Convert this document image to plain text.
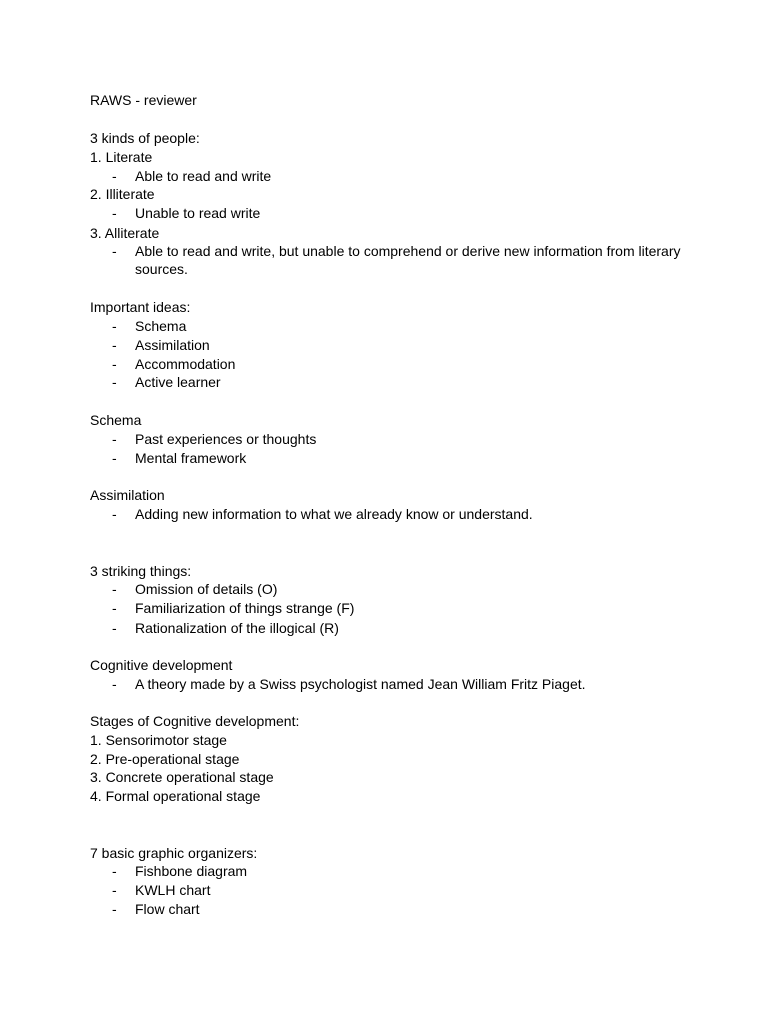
RAWS - reviewer
3 kinds of people:
1. Literate
- Able to read and write
2. Illiterate
- Unable to read write
3. Alliterate
- Able to read and write, but unable to comprehend or derive new information from literary sources.
Important ideas:
- Schema
- Assimilation
- Accommodation
- Active learner
Schema
- Past experiences or thoughts
- Mental framework
Assimilation
- Adding new information to what we already know or understand.
3 striking things:
- Omission of details (O)
- Familiarization of things strange (F)
- Rationalization of the illogical (R)
Cognitive development
- A theory made by a Swiss psychologist named Jean William Fritz Piaget.
Stages of Cognitive development:
1. Sensorimotor stage
2. Pre-operational stage
3. Concrete operational stage
4. Formal operational stage
7 basic graphic organizers:
- Fishbone diagram
- KWLH chart
- Flow chart
